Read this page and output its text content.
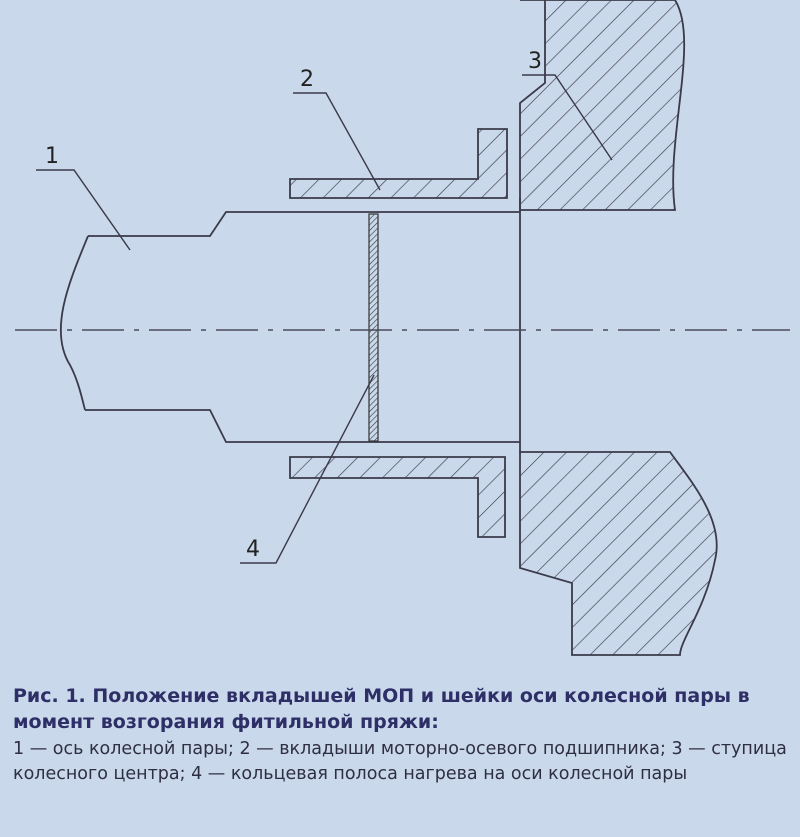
1
2
3
4

Рис. 1. Положение вкладышей МОП и шейки оси колесной пары в момент возгорания фитильной пряжи:

1 — ось колесной пары; 2 — вкладыши моторно-осевого подшипника; 3 — ступица колесного центра; 4 — кольцевая полоса нагрева на оси колесной пары
